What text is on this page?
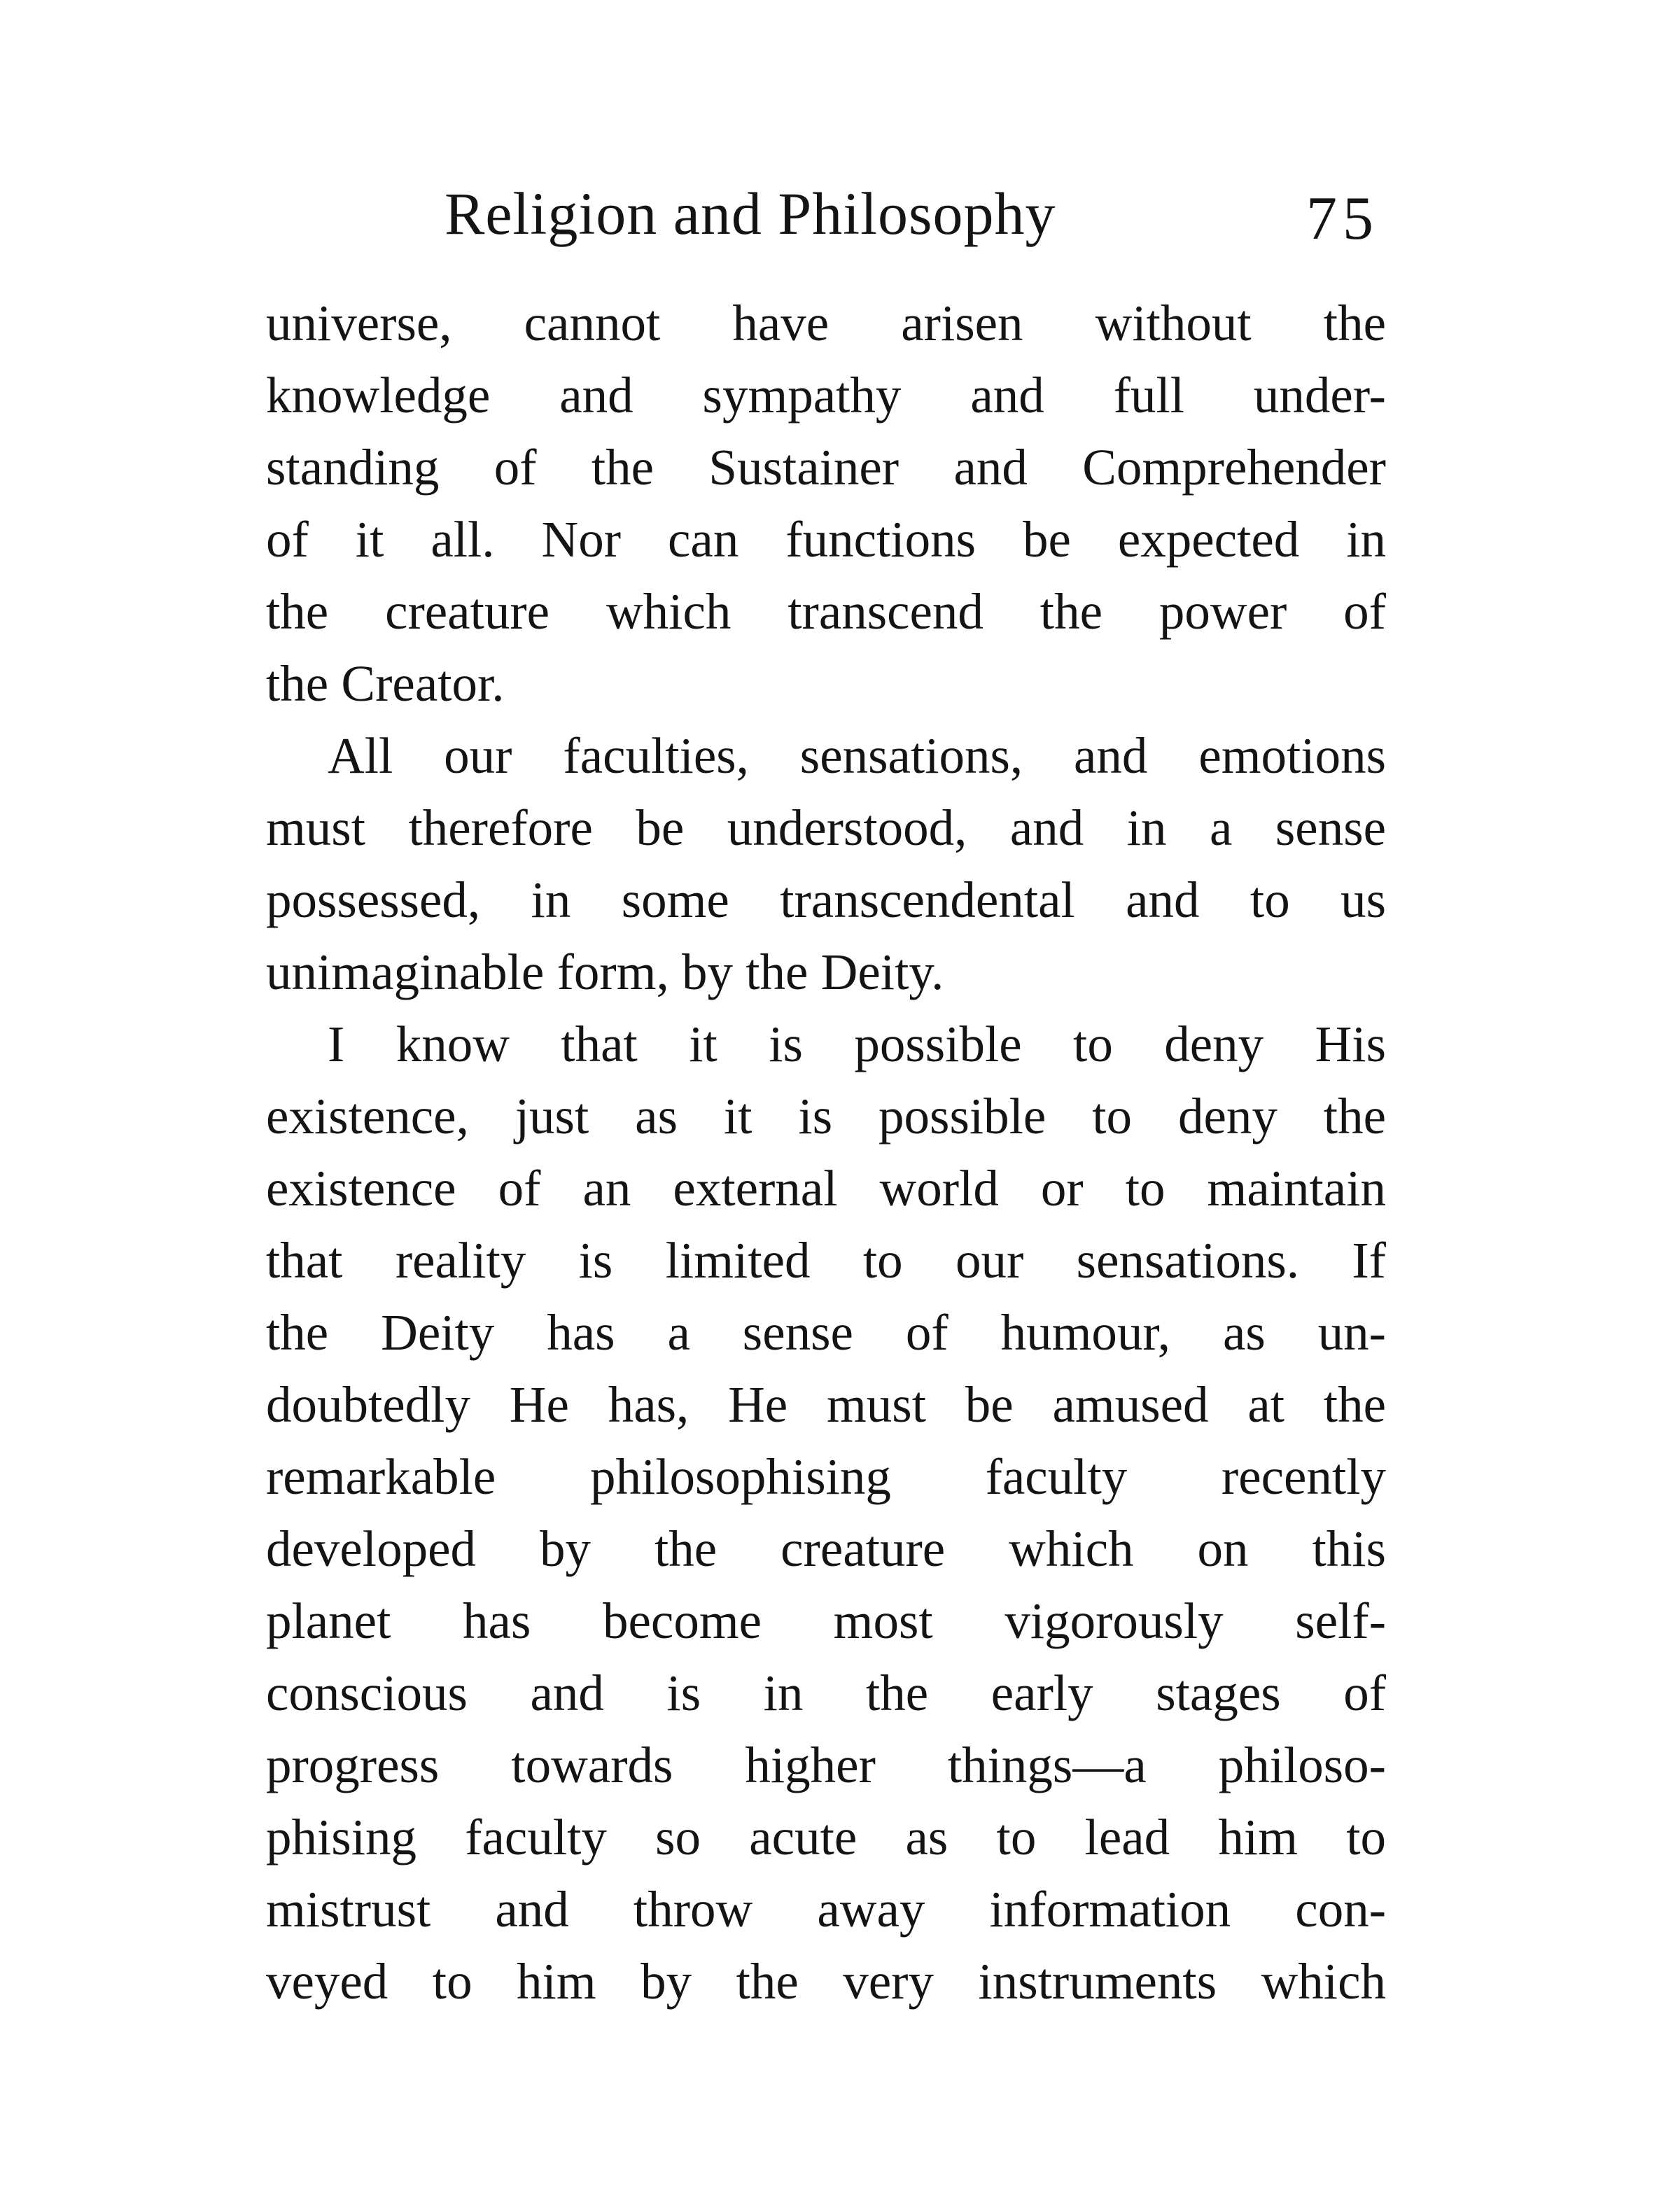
Religion and Philosophy	75
universe, cannot have arisen without the
knowledge and sympathy and full under-
standing of the Sustainer and Comprehender
of it all. Nor can functions be expected in
the creature which transcend the power of
the Creator.
All our faculties, sensations, and emotions
must therefore be understood, and in a sense
possessed, in some transcendental and to us
unimaginable form, by the Deity.
I know that it is possible to deny His
existence, just as it is possible to deny the
existence of an external world or to maintain
that reality is limited to our sensations. If
the Deity has a sense of humour, as un-
doubtedly He has, He must be amused at the
remarkable philosophising faculty recently
developed by the creature which on this
planet has become most vigorously self-
conscious and is in the early stages of
progress towards higher things—a philoso-
phising faculty so acute as to lead him to
mistrust and throw away information con-
veyed to him by the very instruments which
